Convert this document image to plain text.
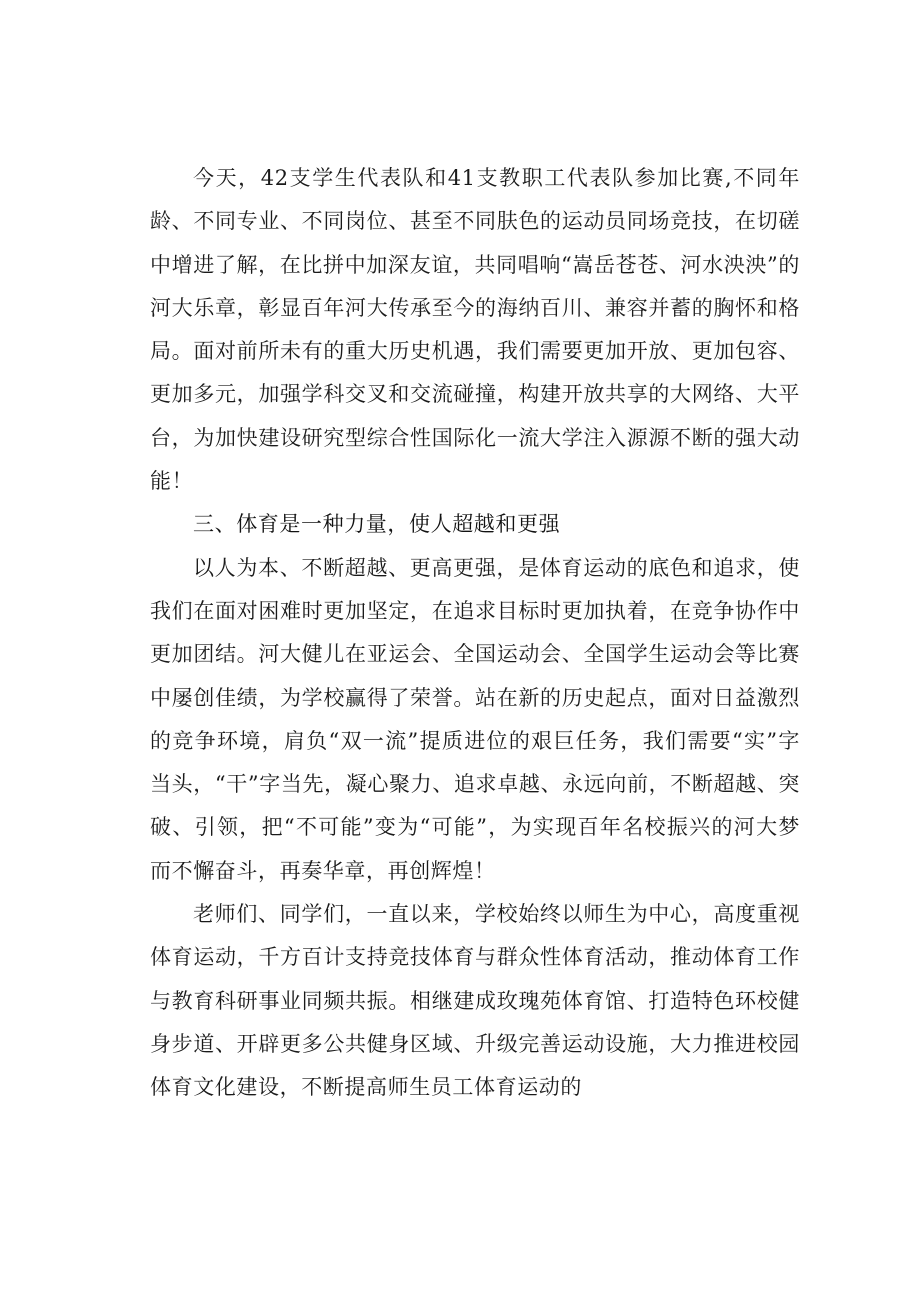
今天，42支学生代表队和41支教职工代表队参加比赛,不同年龄、不同专业、不同岗位、甚至不同肤色的运动员同场竞技，在切磋中增进了解，在比拼中加深友谊，共同唱响“嵩岳苍苍、河水泱泱”的河大乐章，彰显百年河大传承至今的海纳百川、兼容并蓄的胸怀和格局。面对前所未有的重大历史机遇，我们需要更加开放、更加包容、更加多元，加强学科交叉和交流碰撞，构建开放共享的大网络、大平台，为加快建设研究型综合性国际化一流大学注入源源不断的强大动能！

三、体育是一种力量，使人超越和更强

以人为本、不断超越、更高更强，是体育运动的底色和追求，使我们在面对困难时更加坚定，在追求目标时更加执着，在竞争协作中更加团结。河大健儿在亚运会、全国运动会、全国学生运动会等比赛中屡创佳绩，为学校赢得了荣誉。站在新的历史起点，面对日益激烈的竞争环境，肩负“双一流”提质进位的艰巨任务，我们需要“实”字当头，“干”字当先，凝心聚力、追求卓越、永远向前，不断超越、突破、引领，把“不可能”变为“可能”，为实现百年名校振兴的河大梦而不懈奋斗，再奏华章，再创辉煌！

老师们、同学们，一直以来，学校始终以师生为中心，高度重视体育运动，千方百计支持竞技体育与群众性体育活动，推动体育工作与教育科研事业同频共振。相继建成玫瑰苑体育馆、打造特色环校健身步道、开辟更多公共健身区域、升级完善运动设施，大力推进校园体育文化建设，不断提高师生员工体育运动的
